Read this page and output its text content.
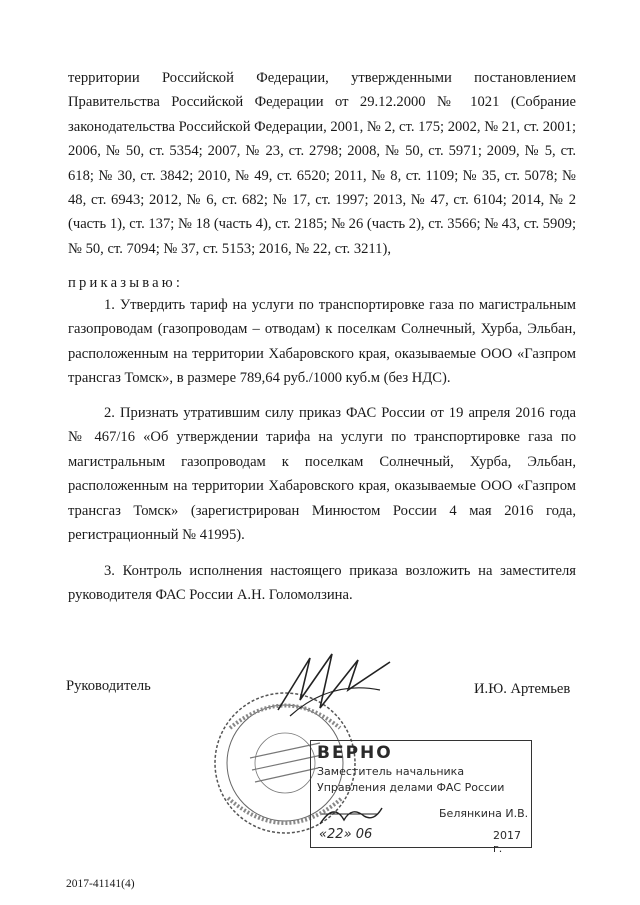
территории Российской Федерации, утвержденными постановлением Правительства Российской Федерации от 29.12.2000 № 1021 (Собрание законодательства Российской Федерации, 2001, № 2, ст. 175; 2002, № 21, ст. 2001; 2006, № 50, ст. 5354; 2007, № 23, ст. 2798; 2008, № 50, ст. 5971; 2009, № 5, ст. 618; № 30, ст. 3842; 2010, № 49, ст. 6520; 2011, № 8, ст. 1109; № 35, ст. 5078; № 48, ст. 6943; 2012, № 6, ст. 682; № 17, ст. 1997; 2013, № 47, ст. 6104; 2014, № 2 (часть 1), ст. 137; № 18 (часть 4), ст. 2185; № 26 (часть 2), ст. 3566; № 43, ст. 5909; № 50, ст. 7094; № 37, ст. 5153; 2016, № 22, ст. 3211),

приказываю:

1. Утвердить тариф на услуги по транспортировке газа по магистральным газопроводам (газопроводам – отводам) к поселкам Солнечный, Хурба, Эльбан, расположенным на территории Хабаровского края, оказываемые ООО «Газпром трансгаз Томск», в размере 789,64 руб./1000 куб.м (без НДС).

2. Признать утратившим силу приказ ФАС России от 19 апреля 2016 года № 467/16 «Об утверждении тарифа на услуги по транспортировке газа по магистральным газопроводам к поселкам Солнечный, Хурба, Эльбан, расположенным на территории Хабаровского края, оказываемые ООО «Газпром трансгаз Томск» (зарегистрирован Минюстом России 4 мая 2016 года, регистрационный № 41995).

3. Контроль исполнения настоящего приказа возложить на заместителя руководителя ФАС России А.Н. Голомолзина.

Руководитель	И.Ю. Артемьев
ВЕРНО
Заместитель начальника
Управления делами ФАС России
Белянкина И.В.
«22» 06	2017 г.
2017-41141(4)
